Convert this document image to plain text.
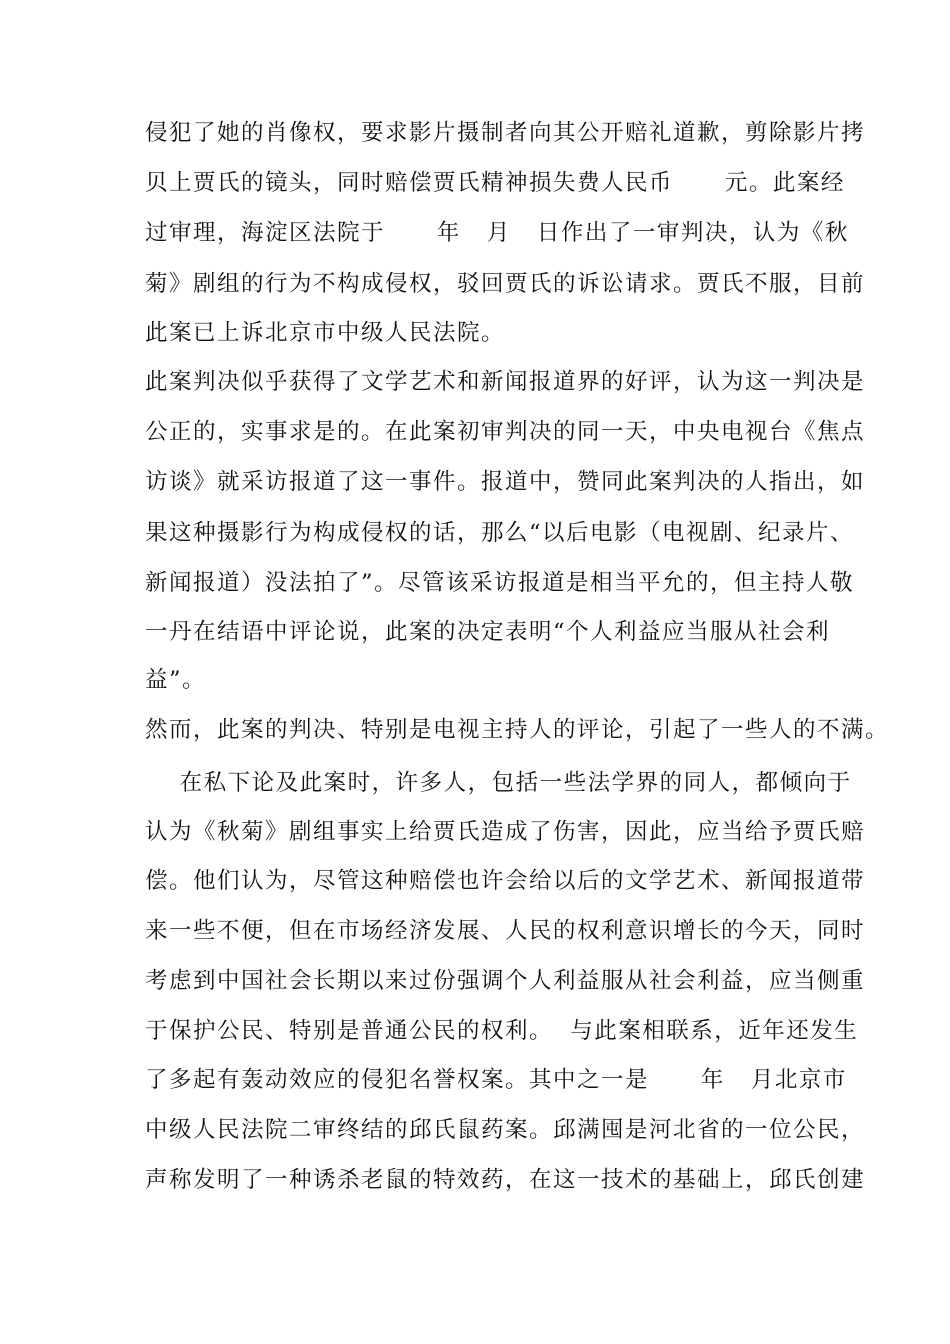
侵犯了她的肖像权，要求影片摄制者向其公开赔礼道歉，剪除影片拷

贝上贾氏的镜头，同时赔偿贾氏精神损失费人民币      元。此案经

过审理，海淀区法院于      年   月   日作出了一审判决，认为《秋

菊》剧组的行为不构成侵权，驳回贾氏的诉讼请求。贾氏不服，目前

此案已上诉北京市中级人民法院。

此案判决似乎获得了文学艺术和新闻报道界的好评，认为这一判决是

公正的，实事求是的。在此案初审判决的同一天，中央电视台《焦点

访谈》就采访报道了这一事件。报道中，赞同此案判决的人指出，如

果这种摄影行为构成侵权的话，那么“以后电影（电视剧、纪录片、

新闻报道）没法拍了”。尽管该采访报道是相当平允的，但主持人敬

一丹在结语中评论说，此案的决定表明“个人利益应当服从社会利

益”。

然而，此案的判决、特别是电视主持人的评论，引起了一些人的不满。

在私下论及此案时，许多人，包括一些法学界的同人，都倾向于

认为《秋菊》剧组事实上给贾氏造成了伤害，因此，应当给予贾氏赔

偿。他们认为，尽管这种赔偿也许会给以后的文学艺术、新闻报道带

来一些不便，但在市场经济发展、人民的权利意识增长的今天，同时

考虑到中国社会长期以来过份强调个人利益服从社会利益，应当侧重

于保护公民、特别是普通公民的权利。  与此案相联系，近年还发生

了多起有轰动效应的侵犯名誉权案。其中之一是      年   月北京市

中级人民法院二审终结的邱氏鼠药案。邱满囤是河北省的一位公民，

声称发明了一种诱杀老鼠的特效药，在这一技术的基础上，邱氏创建
